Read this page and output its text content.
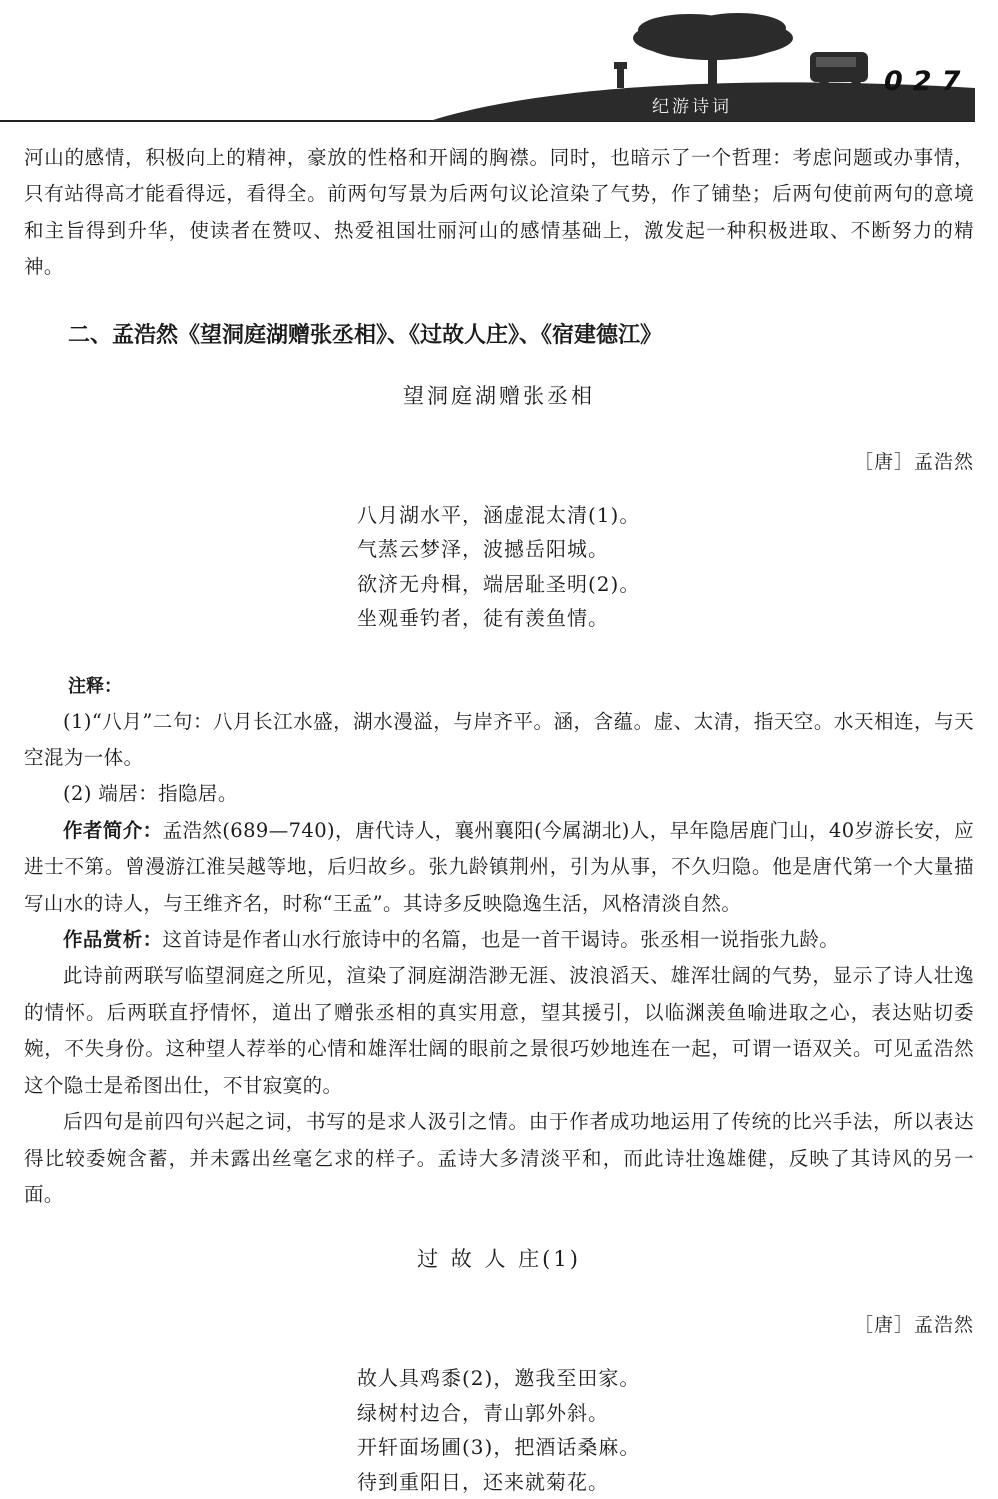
纪游诗词
027

河山的感情，积极向上的精神，豪放的性格和开阔的胸襟。同时，也暗示了一个哲理：考虑问题或办事情，只有站得高才能看得远，看得全。前两句写景为后两句议论渲染了气势，作了铺垫；后两句使前两句的意境和主旨得到升华，使读者在赞叹、热爱祖国壮丽河山的感情基础上，激发起一种积极进取、不断努力的精神。

二、孟浩然《望洞庭湖赠张丞相》、《过故人庄》、《宿建德江》
望洞庭湖赠张丞相
［唐］孟浩然
八月湖水平，涵虚混太清(1)。
气蒸云梦泽，波撼岳阳城。
欲济无舟楫，端居耻圣明(2)。
坐观垂钓者，徒有羡鱼情。
注释：

(1)“八月”二句：八月长江水盛，湖水漫溢，与岸齐平。涵，含蕴。虚、太清，指天空。水天相连，与天空混为一体。

(2) 端居：指隐居。

作者简介：孟浩然(689—740)，唐代诗人，襄州襄阳(今属湖北)人，早年隐居鹿门山，40岁游长安，应进士不第。曾漫游江淮吴越等地，后归故乡。张九龄镇荆州，引为从事，不久归隐。他是唐代第一个大量描写山水的诗人，与王维齐名，时称“王孟”。其诗多反映隐逸生活，风格清淡自然。

作品赏析：这首诗是作者山水行旅诗中的名篇，也是一首干谒诗。张丞相一说指张九龄。

此诗前两联写临望洞庭之所见，渲染了洞庭湖浩渺无涯、波浪滔天、雄浑壮阔的气势，显示了诗人壮逸的情怀。后两联直抒情怀，道出了赠张丞相的真实用意，望其援引，以临渊羡鱼喻进取之心，表达贴切委婉，不失身份。这种望人荐举的心情和雄浑壮阔的眼前之景很巧妙地连在一起，可谓一语双关。可见孟浩然这个隐士是希图出仕，不甘寂寞的。

后四句是前四句兴起之词，书写的是求人汲引之情。由于作者成功地运用了传统的比兴手法，所以表达得比较委婉含蓄，并未露出丝毫乞求的样子。孟诗大多清淡平和，而此诗壮逸雄健，反映了其诗风的另一面。

过 故 人 庄(1)
［唐］孟浩然
故人具鸡黍(2)，邀我至田家。
绿树村边合，青山郭外斜。
开轩面场圃(3)，把酒话桑麻。
待到重阳日，还来就菊花。
